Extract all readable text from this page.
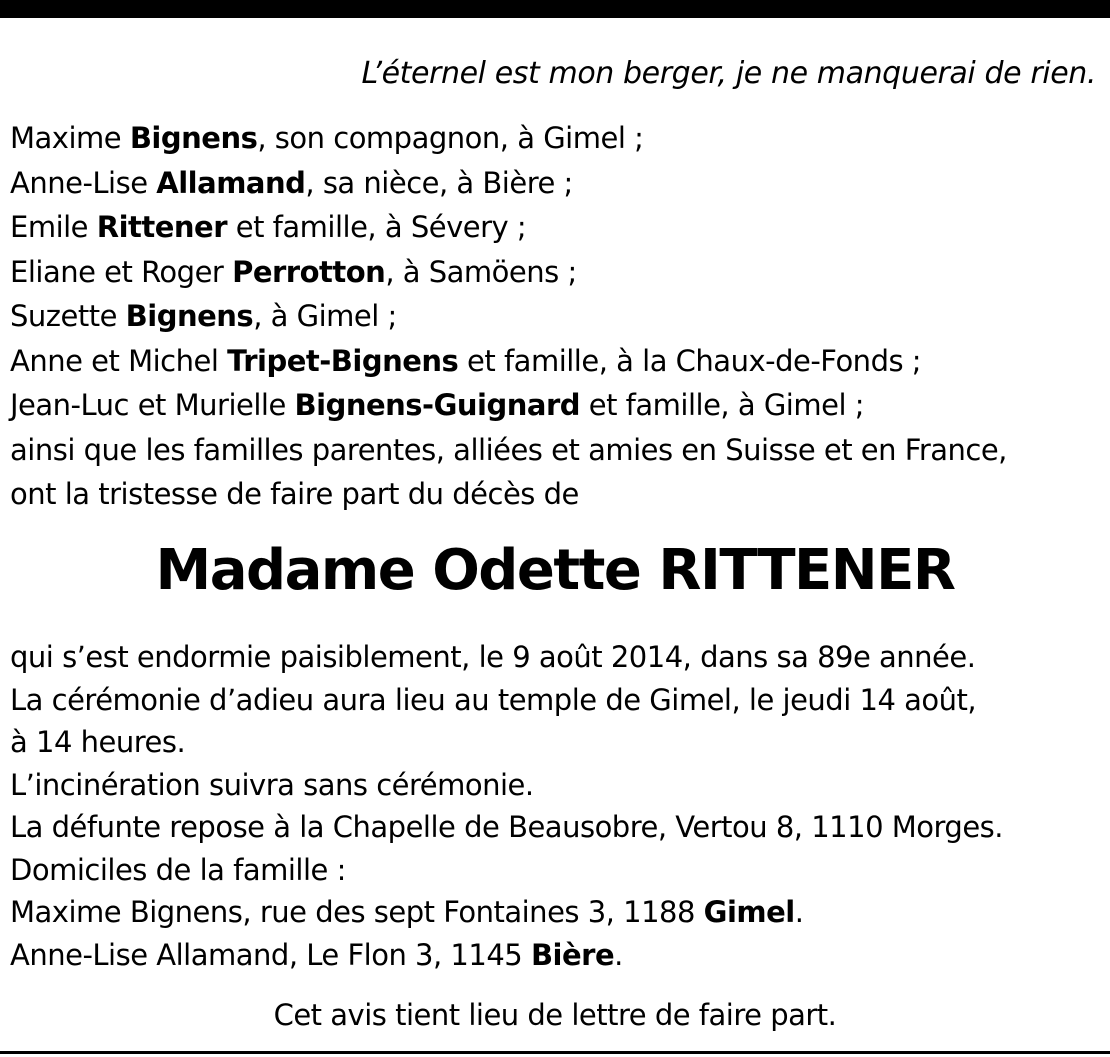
L’éternel est mon berger, je ne manquerai de rien.
Maxime Bignens, son compagnon, à Gimel ;
Anne-Lise Allamand, sa nièce, à Bière ;
Emile Rittener et famille, à Sévery ;
Eliane et Roger Perrotton, à Samöens ;
Suzette Bignens, à Gimel ;
Anne et Michel Tripet-Bignens et famille, à la Chaux-de-Fonds ;
Jean-Luc et Murielle Bignens-Guignard et famille, à Gimel ;
ainsi que les familles parentes, alliées et amies en Suisse et en France,
ont la tristesse de faire part du décès de
Madame Odette RITTENER
qui s’est endormie paisiblement, le 9 août 2014, dans sa 89e année.
La cérémonie d’adieu aura lieu au temple de Gimel, le jeudi 14 août,
à 14 heures.
L’incinération suivra sans cérémonie.
La défunte repose à la Chapelle de Beausobre, Vertou 8, 1110 Morges.
Domiciles de la famille :
Maxime Bignens, rue des sept Fontaines 3, 1188 Gimel.
Anne-Lise Allamand, Le Flon 3, 1145 Bière.
Cet avis tient lieu de lettre de faire part.
